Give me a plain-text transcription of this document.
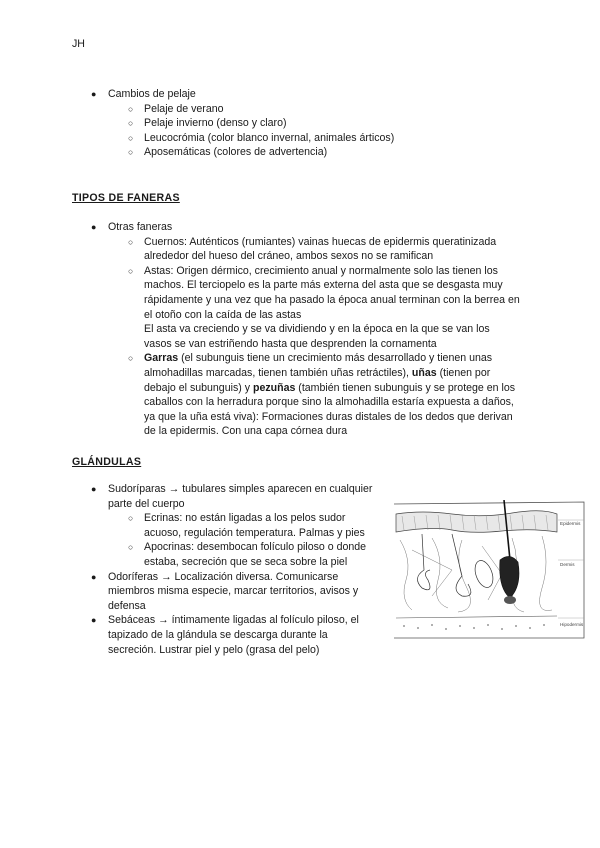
JH
● Cambios de pelaje
○ Pelaje de verano
○ Pelaje invierno (denso y claro)
○ Leucocrómia (color blanco invernal, animales árticos)
○ Aposemáticas (colores de advertencia)
TIPOS DE FANERAS
● Otras faneras
○ Cuernos: Auténticos (rumiantes) vainas huecas de epidermis queratinizada alrededor del hueso del cráneo, ambos sexos no se ramifican
○ Astas: Origen dérmico, crecimiento anual y normalmente solo las tienen los machos. El terciopelo es la parte más externa del asta que se desgasta muy rápidamente y una vez que ha pasado la época anual terminan con la berrea en el otoño con la caída de las astas
El asta va creciendo y se va dividiendo y en la época en la que se van los vasos se van estriñendo hasta que desprenden la cornamenta
○ Garras (el subunguis tiene un crecimiento más desarrollado y tienen unas almohadillas marcadas, tienen también uñas retráctiles), uñas (tienen por debajo el subunguis) y pezuñas (también tienen subunguis y se protege en los caballos con la herradura porque sino la almohadilla estaría expuesta a daños, ya que la uña está viva): Formaciones duras distales de los dedos que derivan de la epidermis. Con una capa córnea dura
GLÁNDULAS
● Sudoríparas → tubulares simples aparecen en cualquier parte del cuerpo
○ Ecrinas: no están ligadas a los pelos sudor acuoso, regulación temperatura. Palmas y pies
○ Apocrinas: desembocan folículo piloso o donde estaba, secreción que se seca sobre la piel
● Odoríferas → Localización diversa. Comunicarse miembros misma especie, marcar territorios, avisos y defensa
● Sebáceas → íntimamente ligadas al folículo piloso, el tapizado de la glándula se descarga durante la secreción. Lustrar piel y pelo (grasa del pelo)
Epidermis
Dermis
Hipodermis
